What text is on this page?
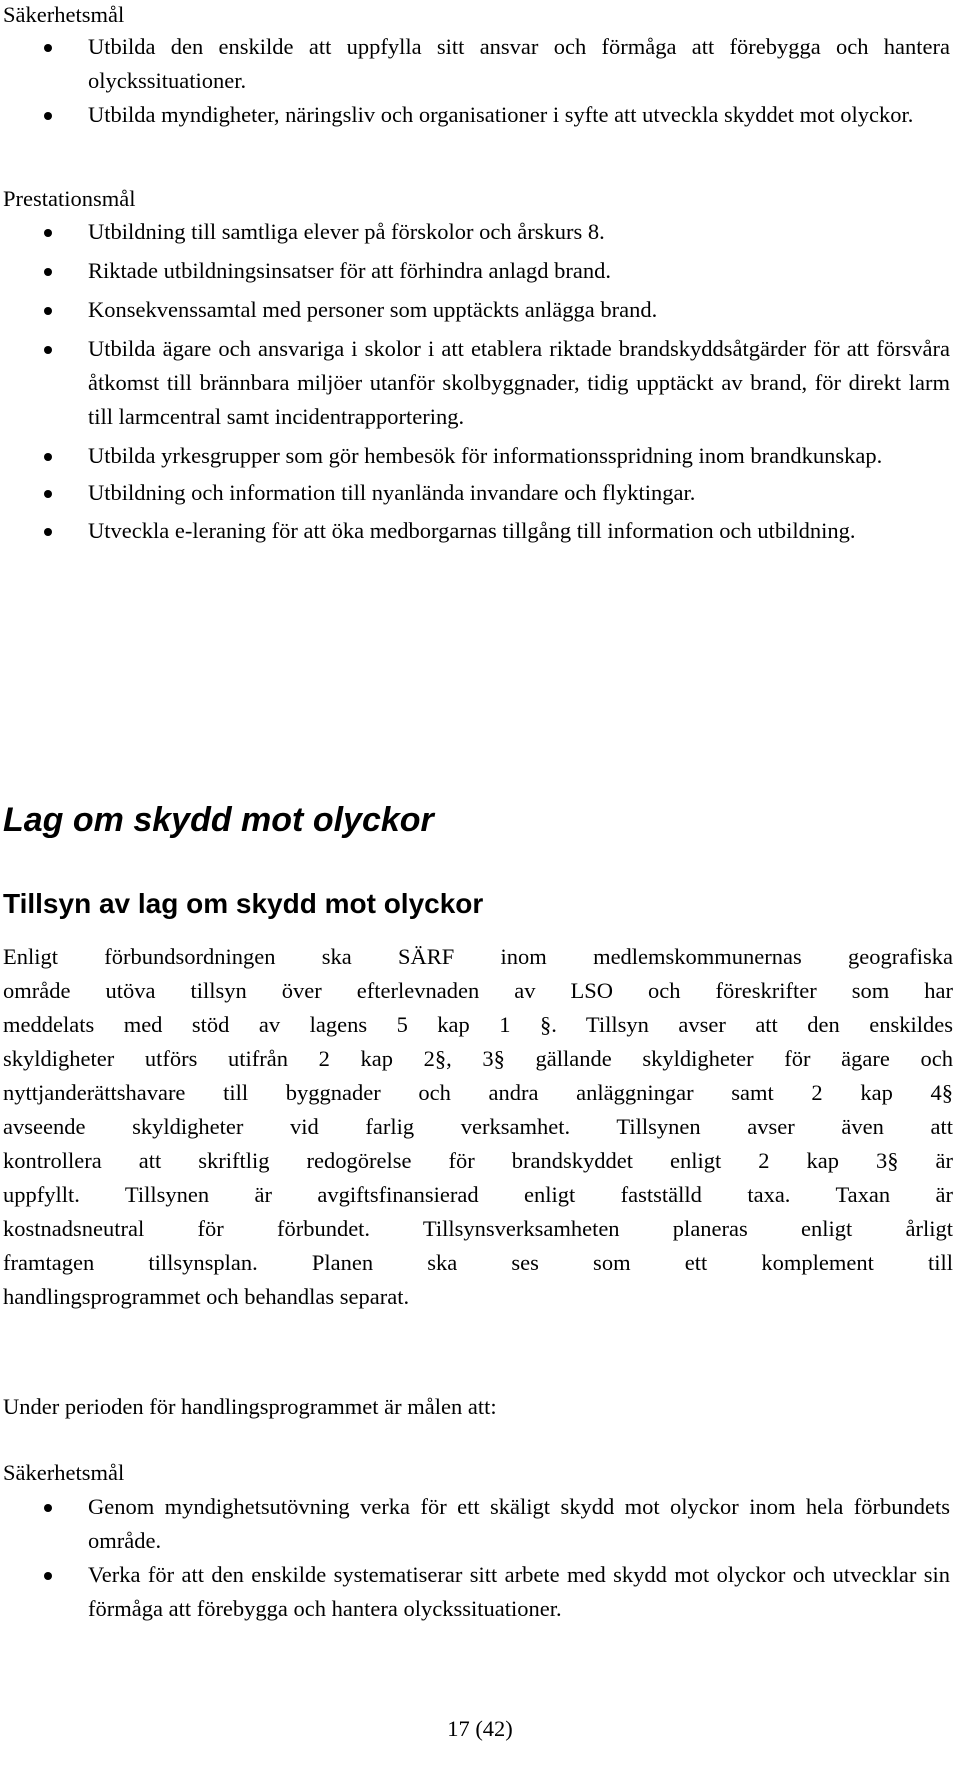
Säkerhetsmål
Utbilda den enskilde att uppfylla sitt ansvar och förmåga att förebygga och hantera olyckssituationer.
Utbilda myndigheter, näringsliv och organisationer i syfte att utveckla skyddet mot olyckor.
Prestationsmål
Utbildning till samtliga elever på förskolor och årskurs 8.
Riktade utbildningsinsatser för att förhindra anlagd brand.
Konsekvenssamtal med personer som upptäckts anlägga brand.
Utbilda ägare och ansvariga i skolor i att etablera riktade brandskyddsåtgärder för att försvåra åtkomst till brännbara miljöer utanför skolbyggnader, tidig upptäckt av brand, för direkt larm till larmcentral samt incidentrapportering.
Utbilda yrkesgrupper som gör hembesök för informationsspridning inom brandkunskap.
Utbildning och information till nyanlända invandare och flyktingar.
Utveckla e-leraning för att öka medborgarnas tillgång till information och utbildning.
Lag om skydd mot olyckor
Tillsyn av lag om skydd mot olyckor
Enligt förbundsordningen ska SÄRF inom medlemskommunernas geografiska
område utöva tillsyn över efterlevnaden av LSO och föreskrifter som har
meddelats med stöd av lagens 5 kap 1 §. Tillsyn avser att den enskildes
skyldigheter utförs utifrån 2 kap 2§, 3§ gällande skyldigheter för ägare och
nyttjanderättshavare till byggnader och andra anläggningar samt 2 kap 4§
avseende skyldigheter vid farlig verksamhet. Tillsynen avser även att
kontrollera att skriftlig redogörelse för brandskyddet enligt 2 kap 3§ är
uppfyllt. Tillsynen är avgiftsfinansierad enligt fastställd taxa. Taxan är
kostnadsneutral för förbundet. Tillsynsverksamheten planeras enligt årligt
framtagen tillsynsplan. Planen ska ses som ett komplement till
handlingsprogrammet och behandlas separat.
Under perioden för handlingsprogrammet är målen att:
Säkerhetsmål
Genom myndighetsutövning verka för ett skäligt skydd mot olyckor inom hela förbundets område.
Verka för att den enskilde systematiserar sitt arbete med skydd mot olyckor och utvecklar sin förmåga att förebygga och hantera olyckssituationer.
17 (42)
